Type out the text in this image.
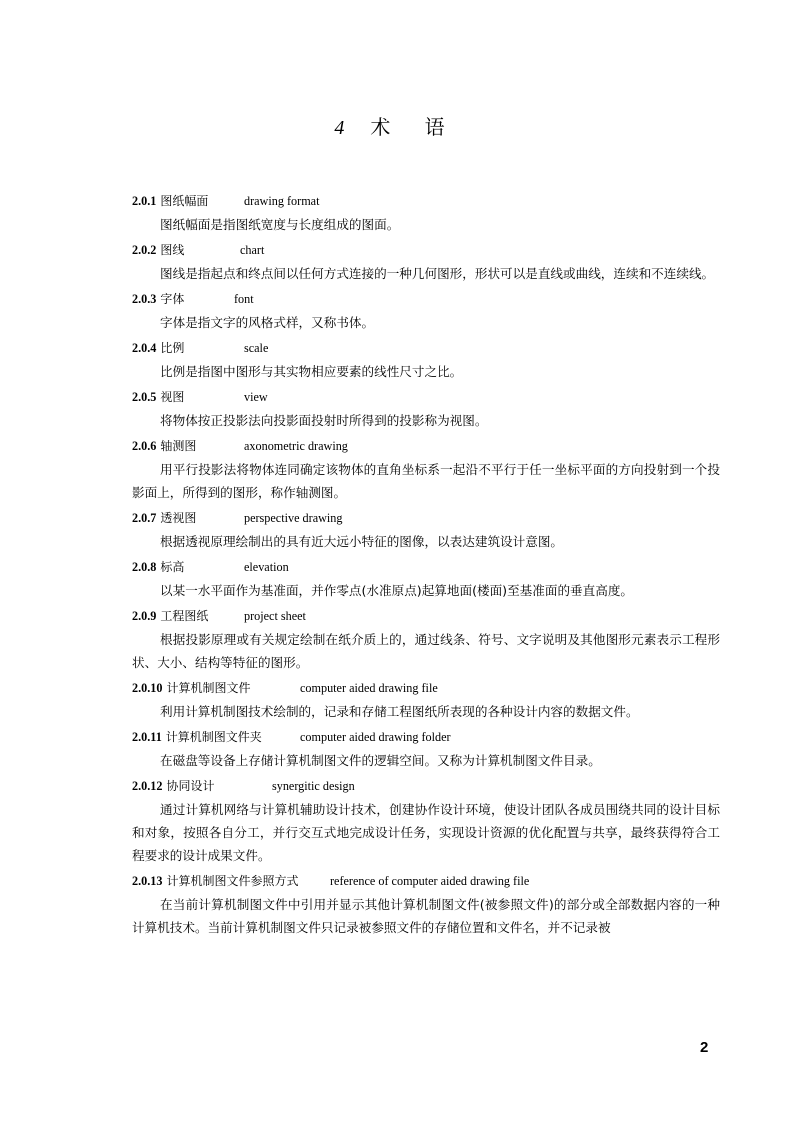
4 术 语
2.0.1 图纸幅面	drawing format
图纸幅面是指图纸宽度与长度组成的图面。
2.0.2 图线	chart
图线是指起点和终点间以任何方式连接的一种几何图形，形状可以是直线或曲线，连续和不连续线。
2.0.3 字体	font
字体是指文字的风格式样，又称书体。
2.0.4 比例	scale
比例是指图中图形与其实物相应要素的线性尺寸之比。
2.0.5 视图	view
将物体按正投影法向投影面投射时所得到的投影称为视图。
2.0.6 轴测图	axonometric drawing
用平行投影法将物体连同确定该物体的直角坐标系一起沿不平行于任一坐标平面的方向投射到一个投影面上，所得到的图形，称作轴测图。
2.0.7 透视图	perspective drawing
根据透视原理绘制出的具有近大远小特征的图像，以表达建筑设计意图。
2.0.8 标高	elevation
以某一水平面作为基准面，并作零点(水准原点)起算地面(楼面)至基准面的垂直高度。
2.0.9 工程图纸	project sheet
根据投影原理或有关规定绘制在纸介质上的，通过线条、符号、文字说明及其他图形元素表示工程形状、大小、结构等特征的图形。
2.0.10 计算机制图文件	computer aided drawing file
利用计算机制图技术绘制的，记录和存储工程图纸所表现的各种设计内容的数据文件。
2.0.11 计算机制图文件夹	computer aided drawing folder
在磁盘等设备上存储计算机制图文件的逻辑空间。又称为计算机制图文件目录。
2.0.12 协同设计	synergitic design
通过计算机网络与计算机辅助设计技术，创建协作设计环境，使设计团队各成员围绕共同的设计目标和对象，按照各自分工，并行交互式地完成设计任务，实现设计资源的优化配置与共享，最终获得符合工程要求的设计成果文件。
2.0.13 计算机制图文件参照方式	reference of computer aided drawing file
在当前计算机制图文件中引用并显示其他计算机制图文件(被参照文件)的部分或全部数据内容的一种计算机技术。当前计算机制图文件只记录被参照文件的存储位置和文件名，并不记录被
2
